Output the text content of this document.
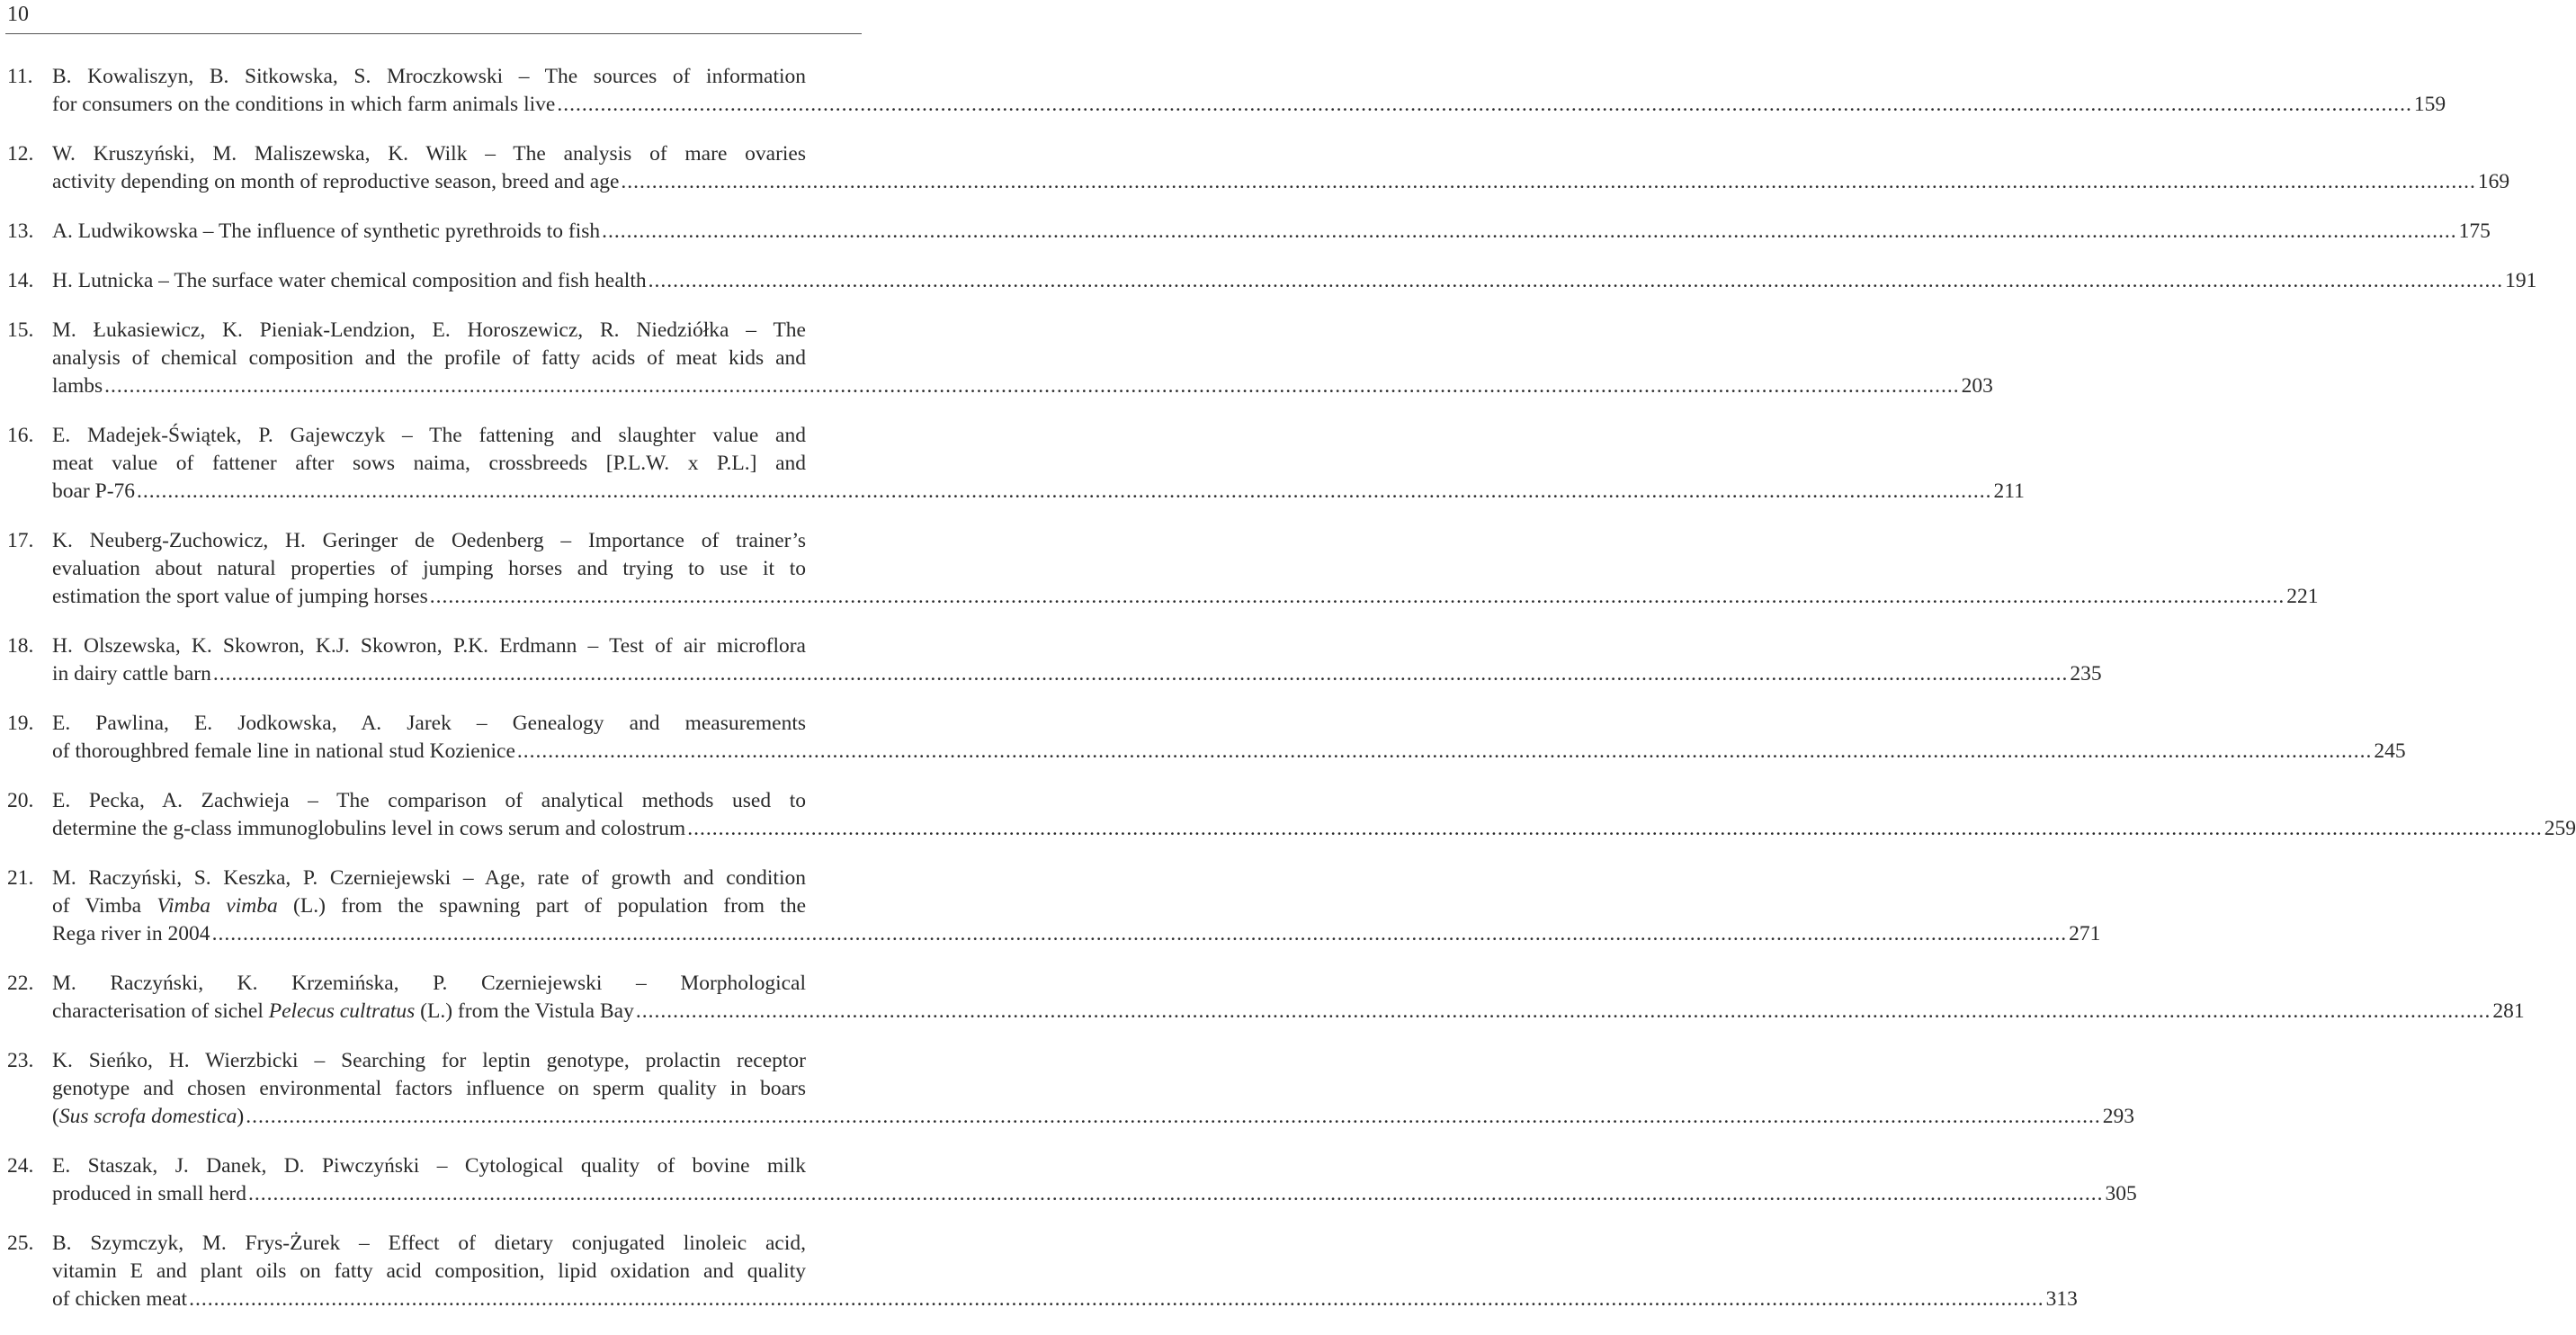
10
11. B. Kowaliszyn, B. Sitkowska, S. Mroczkowski – The sources of information
for consumers on the conditions in which farm animals live ............................................................................................................................................................................................................................................................................................................ 159
12. W. Kruszyński, M. Maliszewska, K. Wilk – The analysis of mare ovaries
activity depending on month of reproductive season, breed and age ............................................................................................................................................................................................................................................................................................................ 169
13. A. Ludwikowska – The influence of synthetic pyrethroids to fish ............................................................................................................................................................................................................................................................................................................ 175
14. H. Lutnicka – The surface water chemical composition and fish health ............................................................................................................................................................................................................................................................................................................ 191
15. M. Łukasiewicz, K. Pieniak-Lendzion, E. Horoszewicz, R. Niedziółka – The
analysis of chemical composition and the profile of fatty acids of meat kids and
lambs ............................................................................................................................................................................................................................................................................................................ 203
16. E. Madejek-Świątek, P. Gajewczyk – The fattening and slaughter value and
meat value of fattener after sows naima, crossbreeds [P.L.W. x P.L.] and
boar P-76 ............................................................................................................................................................................................................................................................................................................ 211
17. K. Neuberg-Zuchowicz, H. Geringer de Oedenberg – Importance of trainer’s
evaluation about natural properties of jumping horses and trying to use it to
estimation the sport value of jumping horses ............................................................................................................................................................................................................................................................................................................ 221
18. H. Olszewska, K. Skowron, K.J. Skowron, P.K. Erdmann – Test of air microflora
in dairy cattle barn ............................................................................................................................................................................................................................................................................................................ 235
19. E. Pawlina, E. Jodkowska, A. Jarek – Genealogy and measurements
of thoroughbred female line in national stud Kozienice ............................................................................................................................................................................................................................................................................................................ 245
20. E. Pecka, A. Zachwieja – The comparison of analytical methods used to
determine the g-class immunoglobulins level in cows serum and colostrum ............................................................................................................................................................................................................................................................................................................ 259
21. M. Raczyński, S. Keszka, P. Czerniejewski – Age, rate of growth and condition
of Vimba Vimba vimba (L.) from the spawning part of population from the
Rega river in 2004 ............................................................................................................................................................................................................................................................................................................ 271
22. M. Raczyński, K. Krzemińska, P. Czerniejewski – Morphological
characterisation of sichel Pelecus cultratus (L.) from the Vistula Bay ............................................................................................................................................................................................................................................................................................................ 281
23. K. Sieńko, H. Wierzbicki – Searching for leptin genotype, prolactin receptor
genotype and chosen environmental factors influence on sperm quality in boars
(Sus scrofa domestica) ............................................................................................................................................................................................................................................................................................................ 293
24. E. Staszak, J. Danek, D. Piwczyński – Cytological quality of bovine milk
produced in small herd ............................................................................................................................................................................................................................................................................................................ 305
25. B. Szymczyk, M. Frys-Żurek – Effect of dietary conjugated linoleic acid,
vitamin E and plant oils on fatty acid composition, lipid oxidation and quality
of chicken meat ............................................................................................................................................................................................................................................................................................................ 313
